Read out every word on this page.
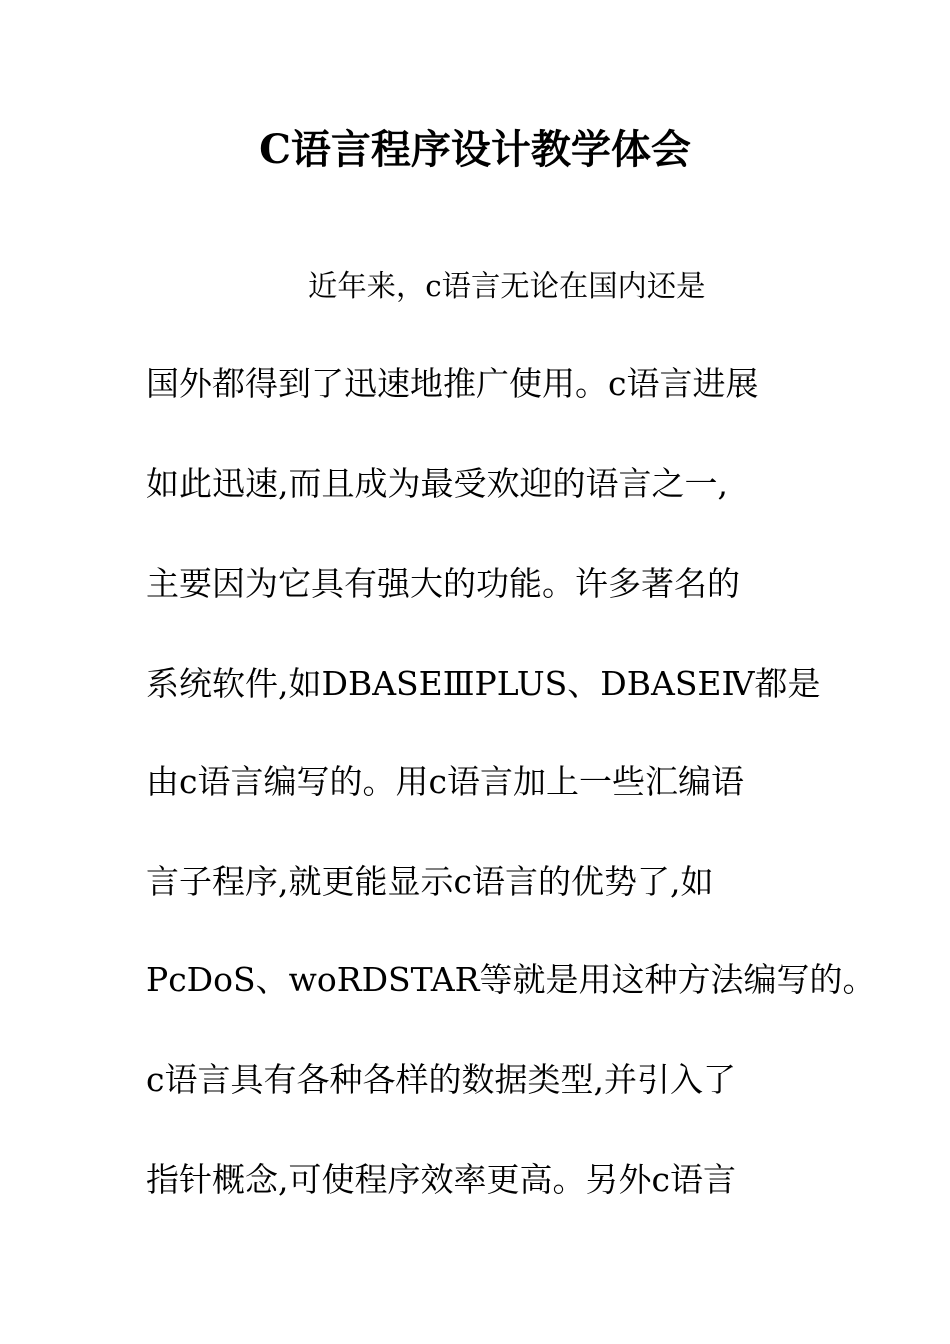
C语言程序设计教学体会

近年来，c语言无论在国内还是

国外都得到了迅速地推广使用。c语言进展

如此迅速,而且成为最受欢迎的语言之一,

主要因为它具有强大的功能。许多著名的

系统软件,如DBASEⅢPLUS、DBASEⅣ都是

由c语言编写的。用c语言加上一些汇编语

言子程序,就更能显示c语言的优势了,如

PcDoS、woRDSTAR等就是用这种方法编写的。

c语言具有各种各样的数据类型,并引入了

指针概念,可使程序效率更高。另外c语言
